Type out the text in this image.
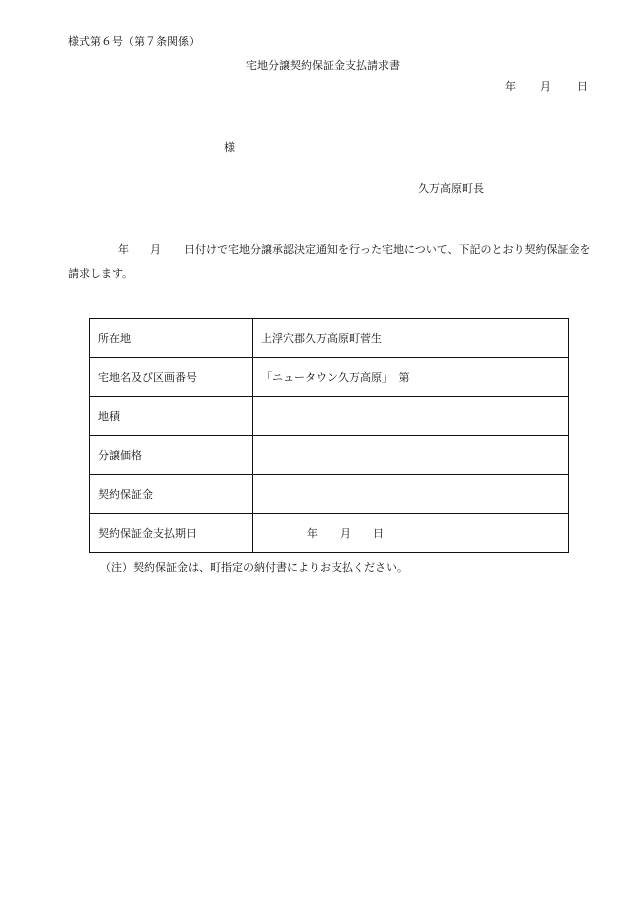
様式第６号（第７条関係）
宅地分譲契約保証金支払請求書
年 月 日
様
久万高原町長
年 月 日付けで宅地分譲承認決定通知を行った宅地について、下記のとおり契約保証金を請求します。
所在地	上浮穴郡久万高原町菅生
宅地名及び区画番号	「ニュータウン久万高原」　第
地積	
分譲価格	
契約保証金	
契約保証金支払期日	年　　月　　日
（注）契約保証金は、町指定の納付書によりお支払ください。
